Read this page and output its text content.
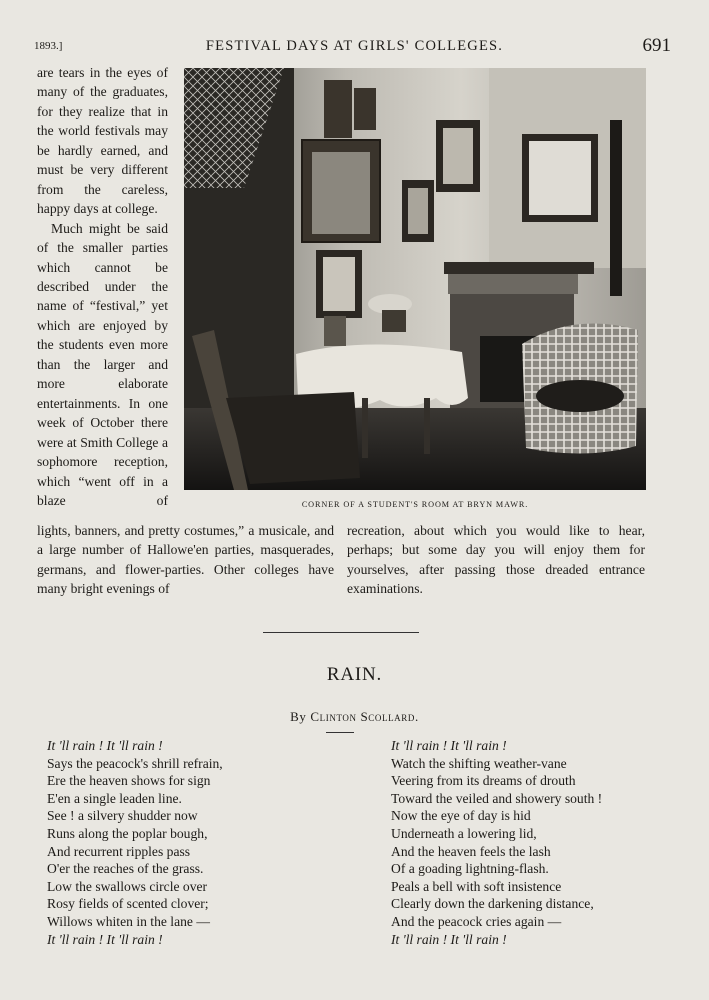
1893.]	FESTIVAL DAYS AT GIRLS' COLLEGES.	691

are tears in the eyes of many of the graduates, for they realize that in the world festivals may be hardly earned, and must be very different from the careless, happy days at college.

Much might be said of the smaller parties which cannot be described under the name of “festival,” yet which are enjoyed by the students even more than the larger and more elaborate entertainments. In one week of October there were at Smith College a sophomore reception, which “went off in a blaze of	CORNER OF A STUDENT'S ROOM AT BRYN MAWR.

lights, banners, and pretty costumes,” a musicale, and a large number of Hallowe'en parties, masquerades, germans, and flower-parties. Other colleges have many bright evenings of

recreation, about which you would like to hear, perhaps; but some day you will enjoy them for yourselves, after passing those dreaded entrance examinations.

RAIN.
By Clinton Scollard.
It 'll rain ! It 'll rain !
Says the peacock's shrill refrain,
Ere the heaven shows for sign
E'en a single leaden line.
See ! a silvery shudder now
Runs along the poplar bough,
And recurrent ripples pass
O'er the reaches of the grass.
Low the swallows circle over
Rosy fields of scented clover;
Willows whiten in the lane —
It 'll rain ! It 'll rain !
It 'll rain ! It 'll rain !
Watch the shifting weather-vane
Veering from its dreams of drouth
Toward the veiled and showery south !
Now the eye of day is hid
Underneath a lowering lid,
And the heaven feels the lash
Of a goading lightning-flash.
Peals a bell with soft insistence
Clearly down the darkening distance,
And the peacock cries again —
It 'll rain ! It 'll rain !
